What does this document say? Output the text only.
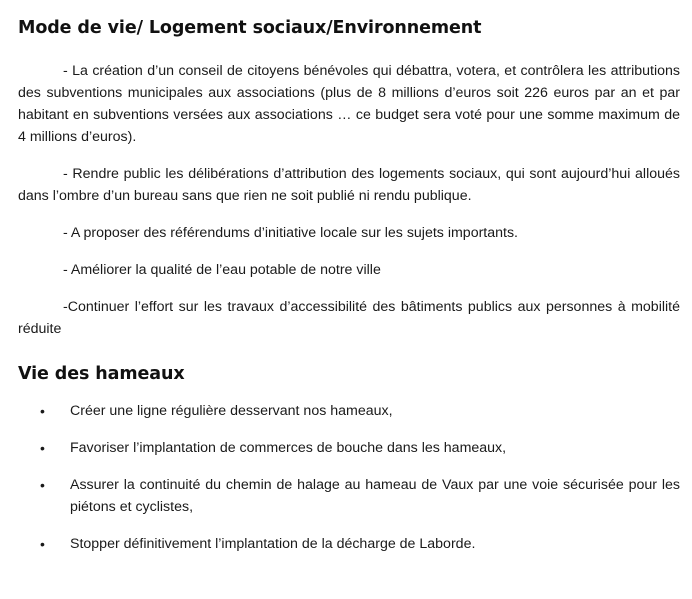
Mode de vie/ Logement sociaux/Environnement

- La création d’un conseil de citoyens bénévoles qui débattra, votera, et contrôlera les attributions des subventions municipales aux associations (plus de 8 millions d’euros soit 226 euros par an et par habitant en subventions versées aux associations … ce budget sera voté pour une somme maximum de 4 millions d’euros).

- Rendre public les délibérations d’attribution des logements sociaux, qui sont aujourd’hui alloués dans l’ombre d’un bureau sans que rien ne soit publié ni rendu publique.

- A proposer des référendums d’initiative locale sur les sujets importants.

- Améliorer la qualité de l’eau potable de notre ville

-Continuer l’effort sur les travaux d’accessibilité des bâtiments publics aux personnes à mobilité réduite

Vie des hameaux
• Créer une ligne régulière desservant nos hameaux,
• Favoriser l’implantation de commerces de bouche dans les hameaux,
• Assurer la continuité du chemin de halage au hameau de Vaux par une voie sécurisée pour les piétons et cyclistes,
• Stopper définitivement l’implantation de la décharge de Laborde.
